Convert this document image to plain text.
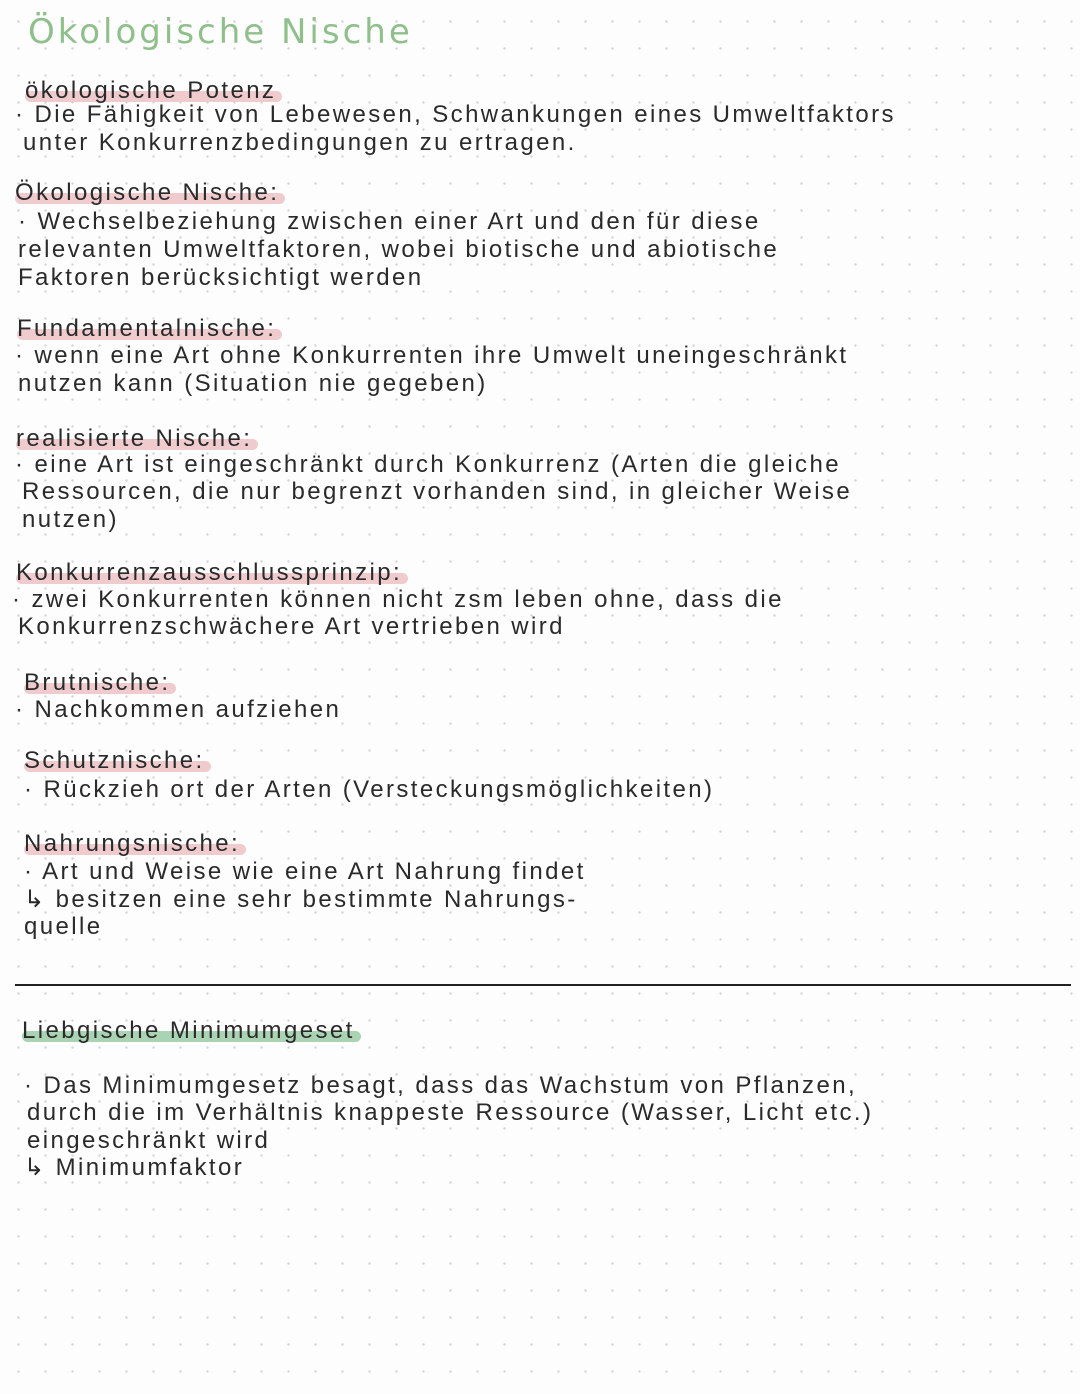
Ökologische Nische
ökologische Potenz
· Die Fähigkeit von Lebewesen, Schwankungen eines Umweltfaktors
unter Konkurrenzbedingungen zu ertragen.
Ökologische Nische:
· Wechselbeziehung zwischen einer Art und den für diese
relevanten Umweltfaktoren, wobei biotische und abiotische
Faktoren berücksichtigt werden
Fundamentalnische:
· wenn eine Art ohne Konkurrenten ihre Umwelt uneingeschränkt
nutzen kann (Situation nie gegeben)
realisierte Nische:
· eine Art ist eingeschränkt durch Konkurrenz (Arten die gleiche
Ressourcen, die nur begrenzt vorhanden sind, in gleicher Weise
nutzen)
Konkurrenzausschlussprinzip:
· zwei Konkurrenten können nicht zsm leben ohne, dass die
Konkurrenzschwächere Art vertrieben wird
Brutnische:
· Nachkommen aufziehen
Schutznische:
· Rückzieh ort der Arten (Versteckungsmöglichkeiten)
Nahrungsnische:
· Art und Weise wie eine Art Nahrung findet
↳ besitzen eine sehr bestimmte Nahrungs-
quelle
Liebgische Minimumgeset
· Das Minimumgesetz besagt, dass das Wachstum von Pflanzen,
durch die im Verhältnis knappeste Ressource (Wasser, Licht etc.)
eingeschränkt wird
↳ Minimumfaktor
